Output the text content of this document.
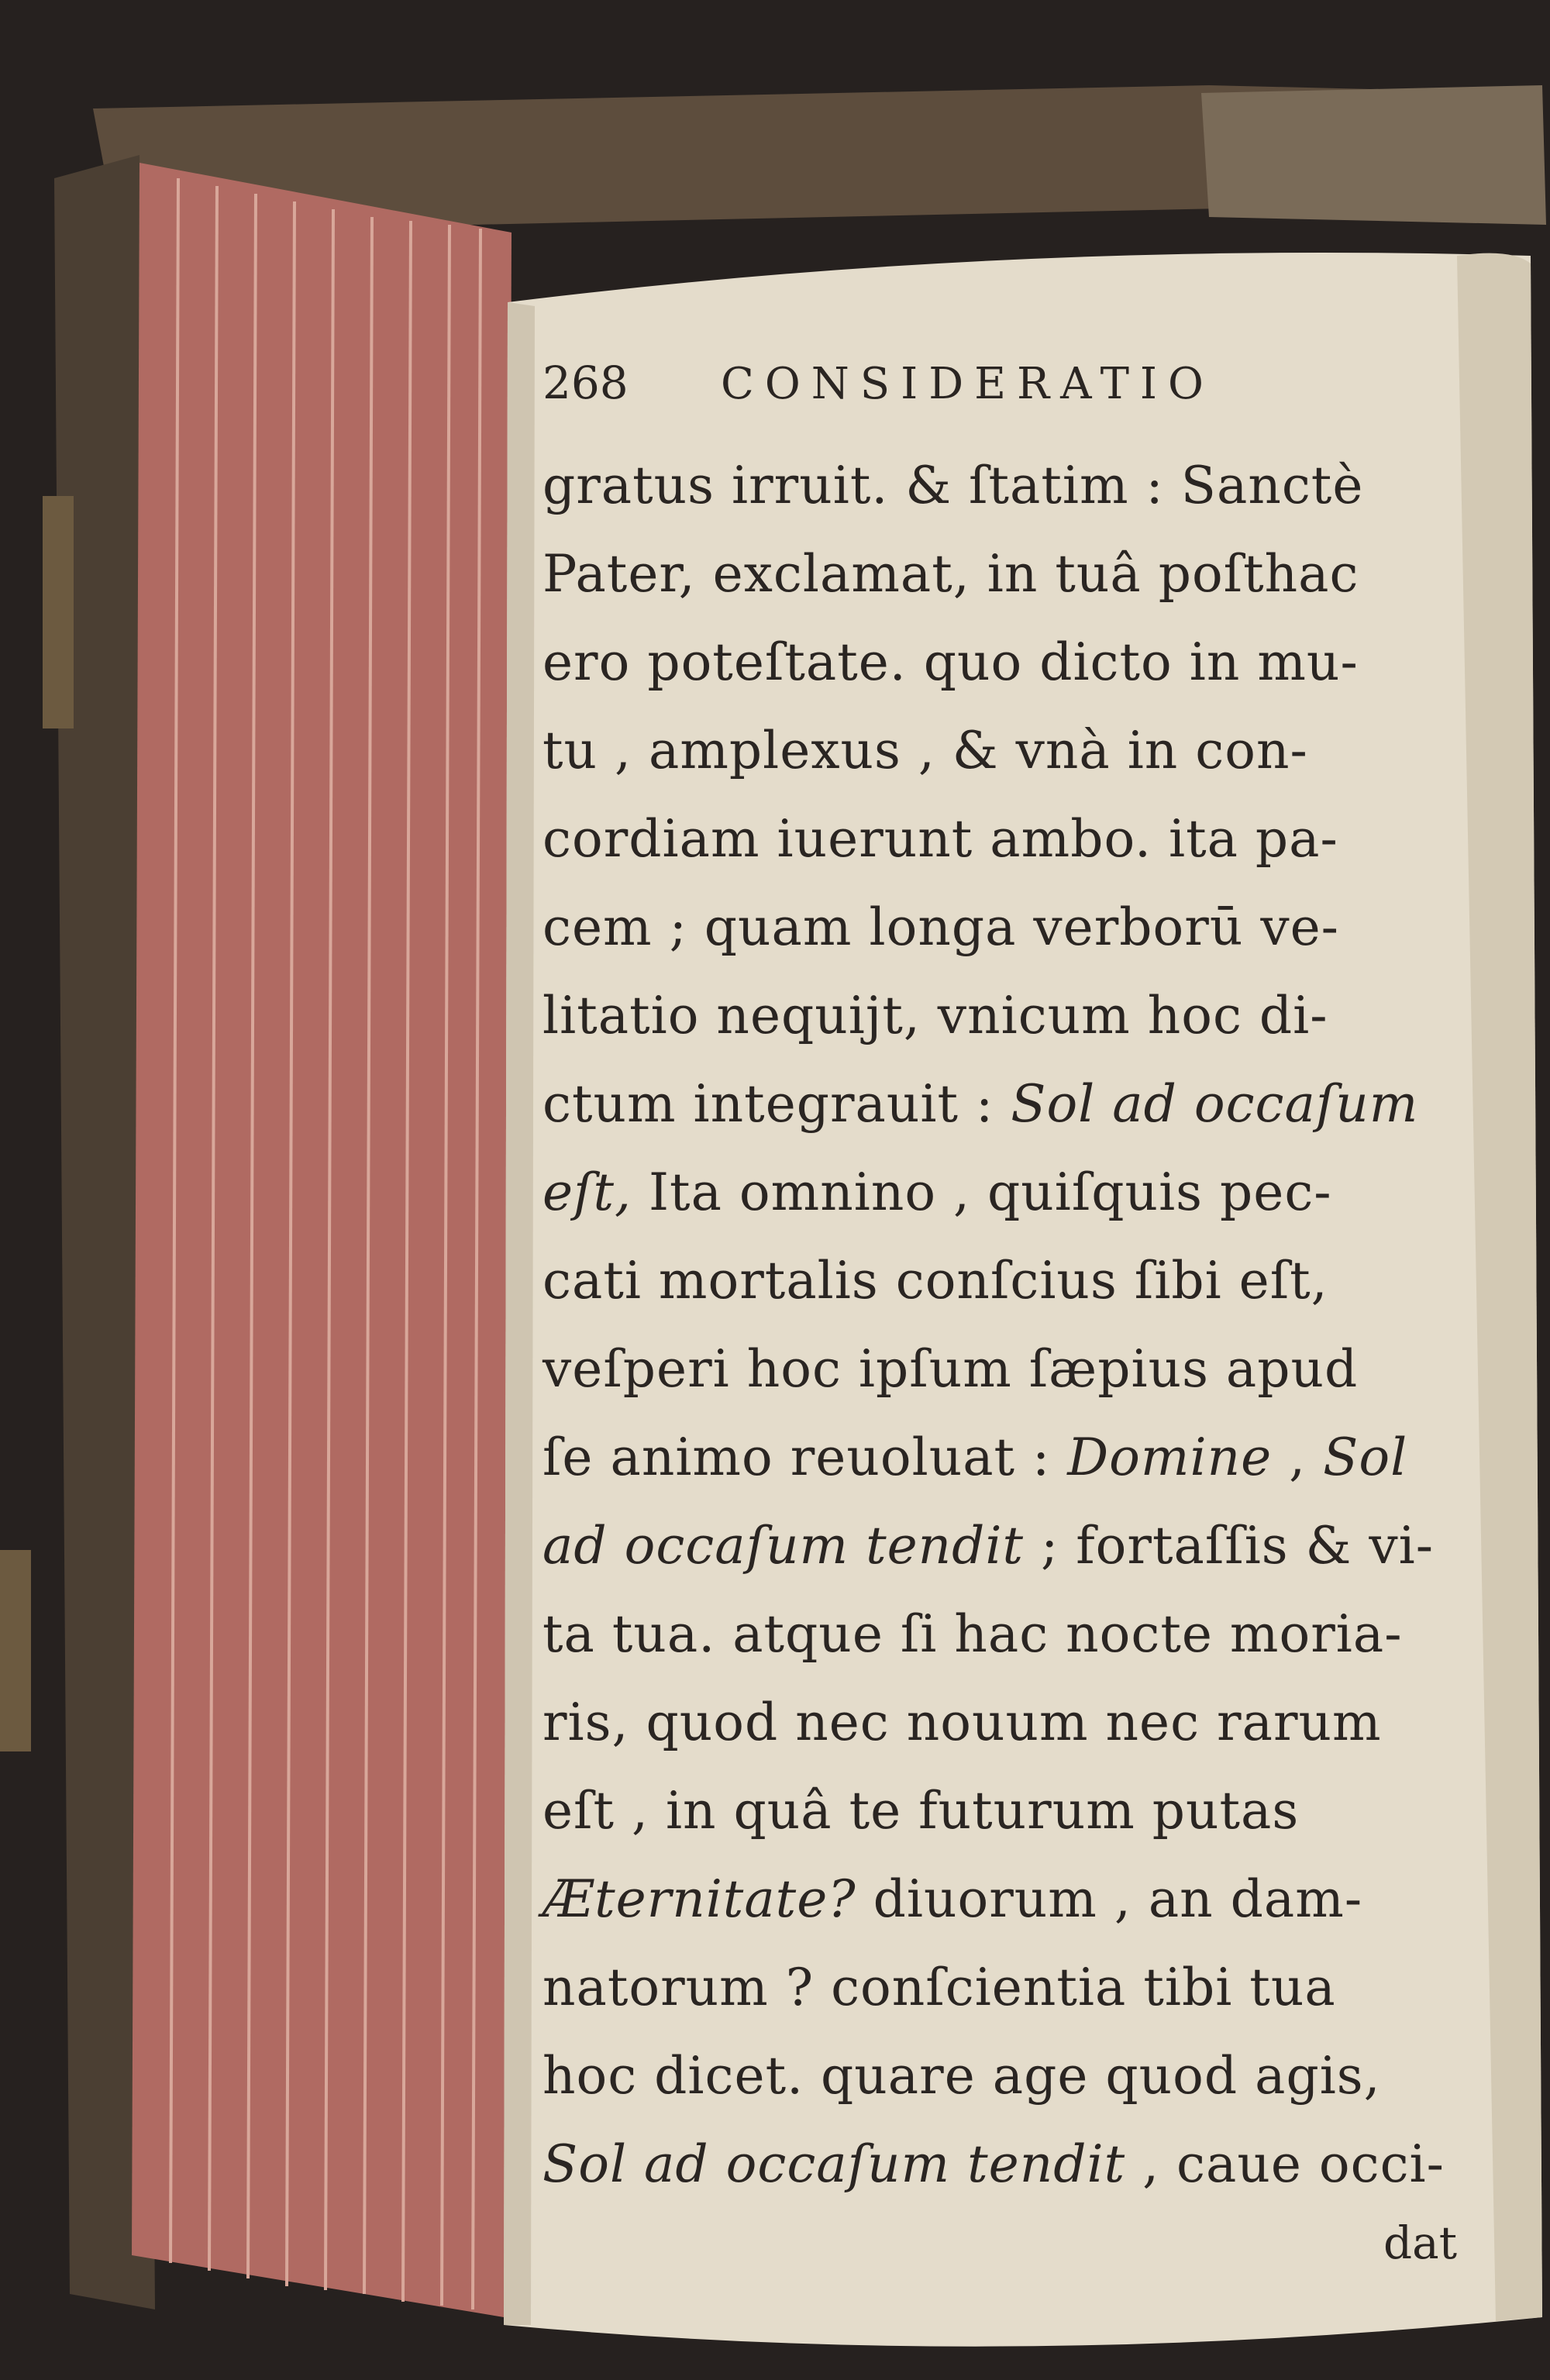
268	CONSIDERATIO
gratus irruit. & ſtatim : Sanctè
Pater, exclamat, in tuâ poſthac
ero poteſtate. quo dicto in mu-
tu , amplexus , & vnà in con-
cordiam iuerunt ambo. ita pa-
cem ; quam longa verborū ve-
litatio nequijt, vnicum hoc di-
ctum integrauit : Sol ad occaſum
eſt, Ita omnino , quiſquis pec-
cati mortalis conſcius ſibi eſt,
veſperi hoc ipſum ſæpius apud
ſe animo reuoluat : Domine , Sol
ad occaſum tendit ; fortaſſis & vi-
ta tua. atque ſi hac nocte moria-
ris, quod nec nouum nec rarum
eſt , in quâ te futurum putas
Æternitate? diuorum , an dam-
natorum ? conſcientia tibi tua
hoc dicet. quare age quod agis,
Sol ad occaſum tendit , caue occi-
dat
